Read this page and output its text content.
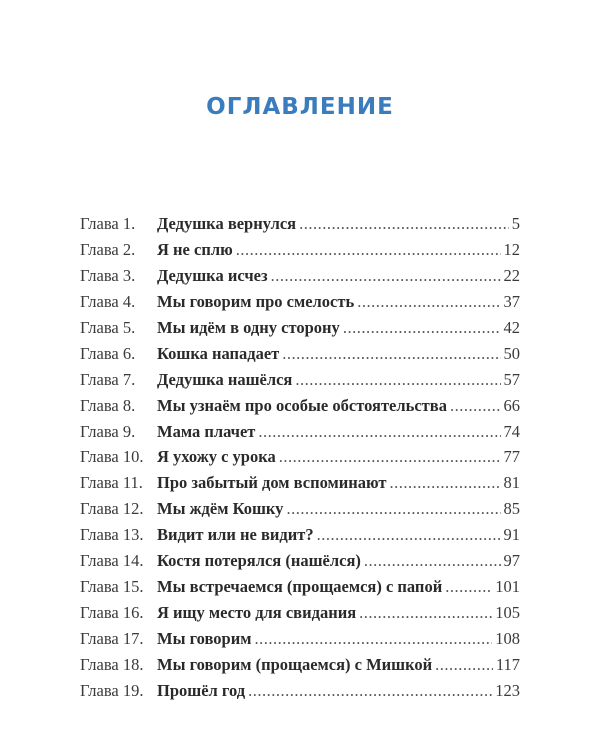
ОГЛАВЛЕНИЕ
Глава 1.	Дедушка вернулся .....	5
Глава 2.	Я не сплю .....	12
Глава 3.	Дедушка исчез .....	22
Глава 4.	Мы говорим про смелость .....	37
Глава 5.	Мы идём в одну сторону .....	42
Глава 6.	Кошка нападает .....	50
Глава 7.	Дедушка нашёлся .....	57
Глава 8.	Мы узнаём про особые обстоятельства .....	66
Глава 9.	Мама плачет .....	74
Глава 10. Я ухожу с урока .....	77
Глава 11. Про забытый дом вспоминают .....	81
Глава 12. Мы ждём Кошку .....	85
Глава 13. Видит или не видит? .....	91
Глава 14. Костя потерялся (нашёлся) .....	97
Глава 15. Мы встречаемся (прощаемся) с папой .....	101
Глава 16. Я ищу место для свидания .....	105
Глава 17. Мы говорим .....	108
Глава 18. Мы говорим (прощаемся) с Мишкой .....	117
Глава 19. Прошёл год .....	123
